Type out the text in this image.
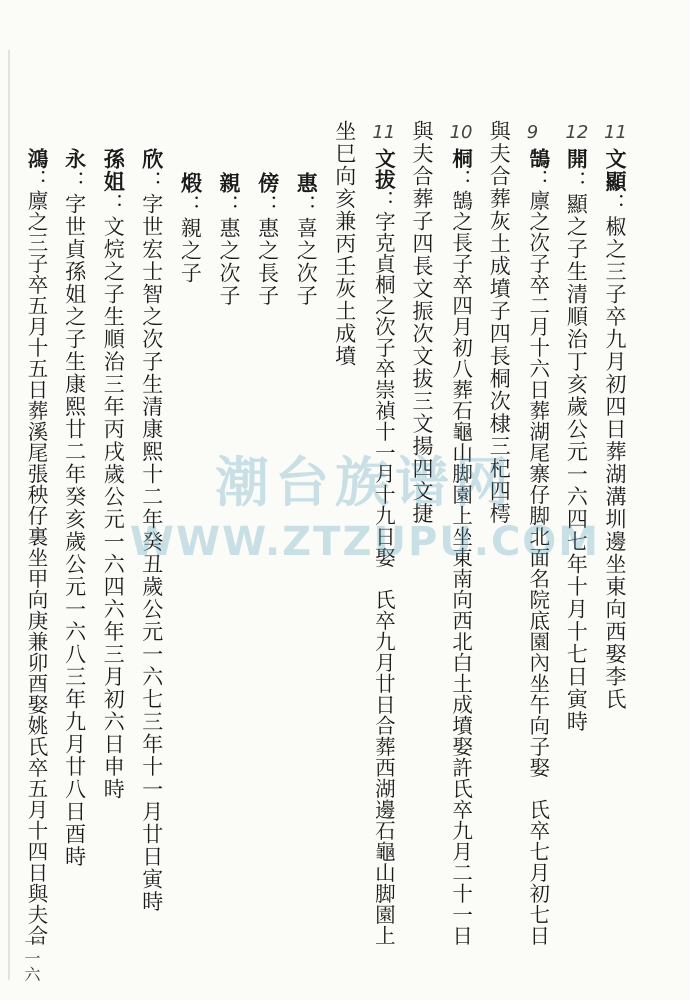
文顯：椒之三子卒九月初四日葬湖溝圳邊坐東向西娶李氏
開：顯之子生清順治丁亥歲公元一六四七年十月十七日寅時
鵠：廪之次子卒二月十六日葬湖尾寨仔脚北面名院底園內坐午向子娶　氏卒七月初七日
與夫合葬灰土成墳子四長桐次棣三杞四樗
桐：鵠之長子卒四月初八葬石龜山脚園上坐東南向西北白土成墳娶許氏卒九月二十一日
與夫合葬子四長文振次文拔三文揚四文捷
文拔：字克貞桐之次子卒崇禎十一月十九日娶　氏卒九月廿日合葬西湖邊石龜山脚園上
坐巳向亥兼丙壬灰土成墳
惠：喜之次子
傍：惠之長子
親：惠之次子
煅：親之子
欣：字世宏士智之次子生清康熙十二年癸丑歲公元一六七三年十一月廿日寅時
孫姐：文烷之子生順治三年丙戌歲公元一六四六年三月初六日申時
永：字世貞孫姐之子生康熙廿二年癸亥歲公元一六八三年九月廿八日酉時
鴻：廪之三子卒五月十五日葬溪尾張秧仔裏坐甲向庚兼卯酉娶姚氏卒五月十四日與夫合
一一六
潮台族谱网
WWW.ZTZUPU.COM
11
12
9
10
11
